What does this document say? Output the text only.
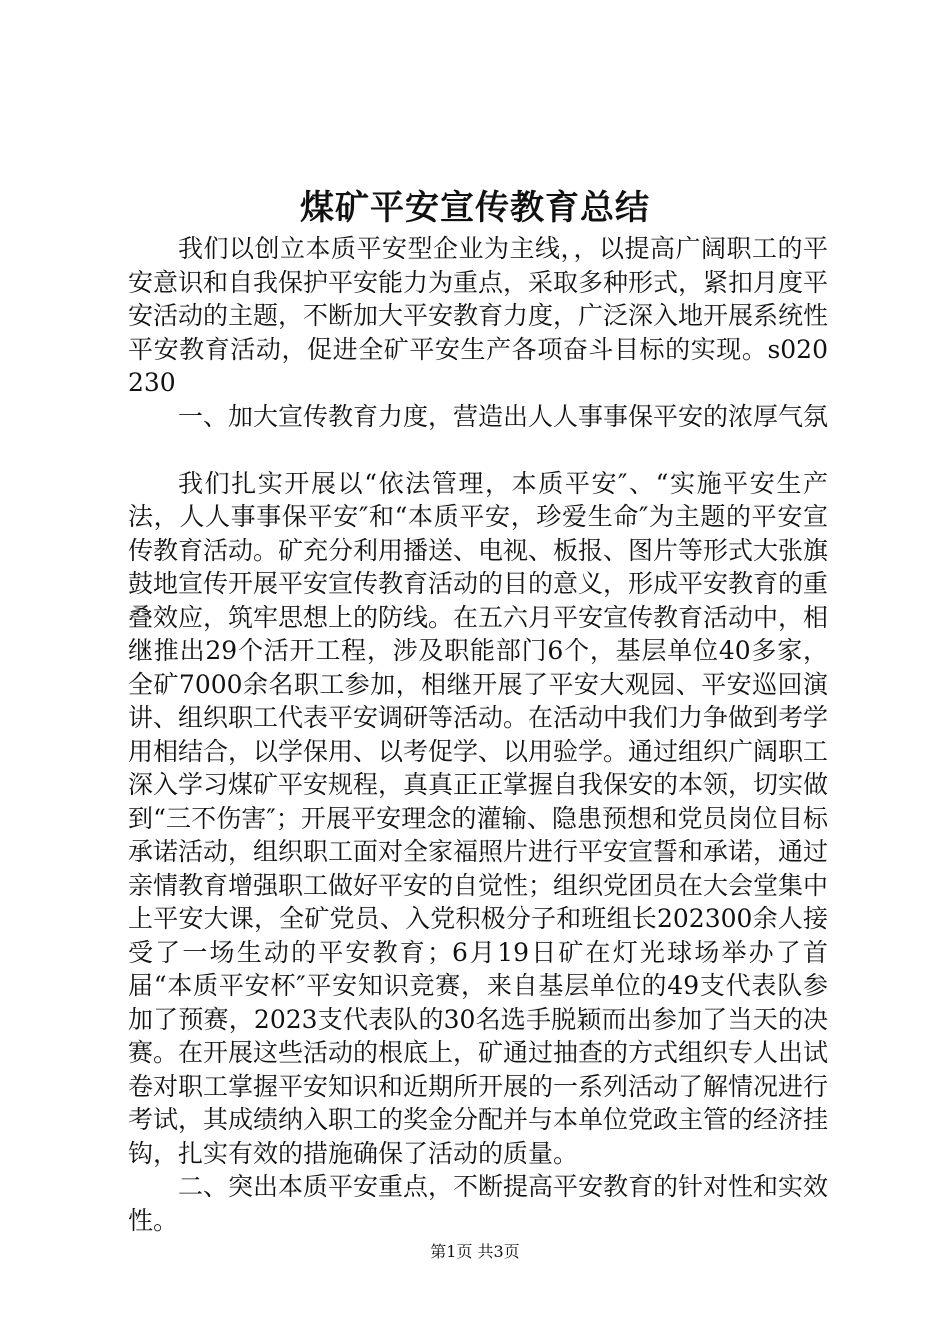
煤矿平安宣传教育总结

我们以创立本质平安型企业为主线，，以提高广阔职工的平安意识和自我保护平安能力为重点，采取多种形式，紧扣月度平安活动的主题，不断加大平安教育力度，广泛深入地开展系统性平安教育活动，促进全矿平安生产各项奋斗目标的实现。s020230

一、加大宣传教育力度，营造出人人事事保平安的浓厚气氛

我们扎实开展以“依法管理，本质平安″、“实施平安生产法，人人事事保平安″和“本质平安，珍爱生命″为主题的平安宣传教育活动。矿充分利用播送、电视、板报、图片等形式大张旗鼓地宣传开展平安宣传教育活动的目的意义，形成平安教育的重叠效应，筑牢思想上的防线。在五六月平安宣传教育活动中，相继推出29个活开工程，涉及职能部门6个，基层单位40多家，全矿7000余名职工参加，相继开展了平安大观园、平安巡回演讲、组织职工代表平安调研等活动。在活动中我们力争做到考学用相结合，以学保用、以考促学、以用验学。通过组织广阔职工深入学习煤矿平安规程，真真正正掌握自我保安的本领，切实做到“三不伤害″；开展平安理念的灌输、隐患预想和党员岗位目标承诺活动，组织职工面对全家福照片进行平安宣誓和承诺，通过亲情教育增强职工做好平安的自觉性；组织党团员在大会堂集中上平安大课，全矿党员、入党积极分子和班组长202300余人接受了一场生动的平安教育；6月19日矿在灯光球场举办了首届“本质平安杯″平安知识竞赛，来自基层单位的49支代表队参加了预赛，2023支代表队的30名选手脱颖而出参加了当天的决赛。在开展这些活动的根底上，矿通过抽查的方式组织专人出试卷对职工掌握平安知识和近期所开展的一系列活动了解情况进行考试，其成绩纳入职工的奖金分配并与本单位党政主管的经济挂钩，扎实有效的措施确保了活动的质量。

二、突出本质平安重点，不断提高平安教育的针对性和实效性。

第1页 共3页
